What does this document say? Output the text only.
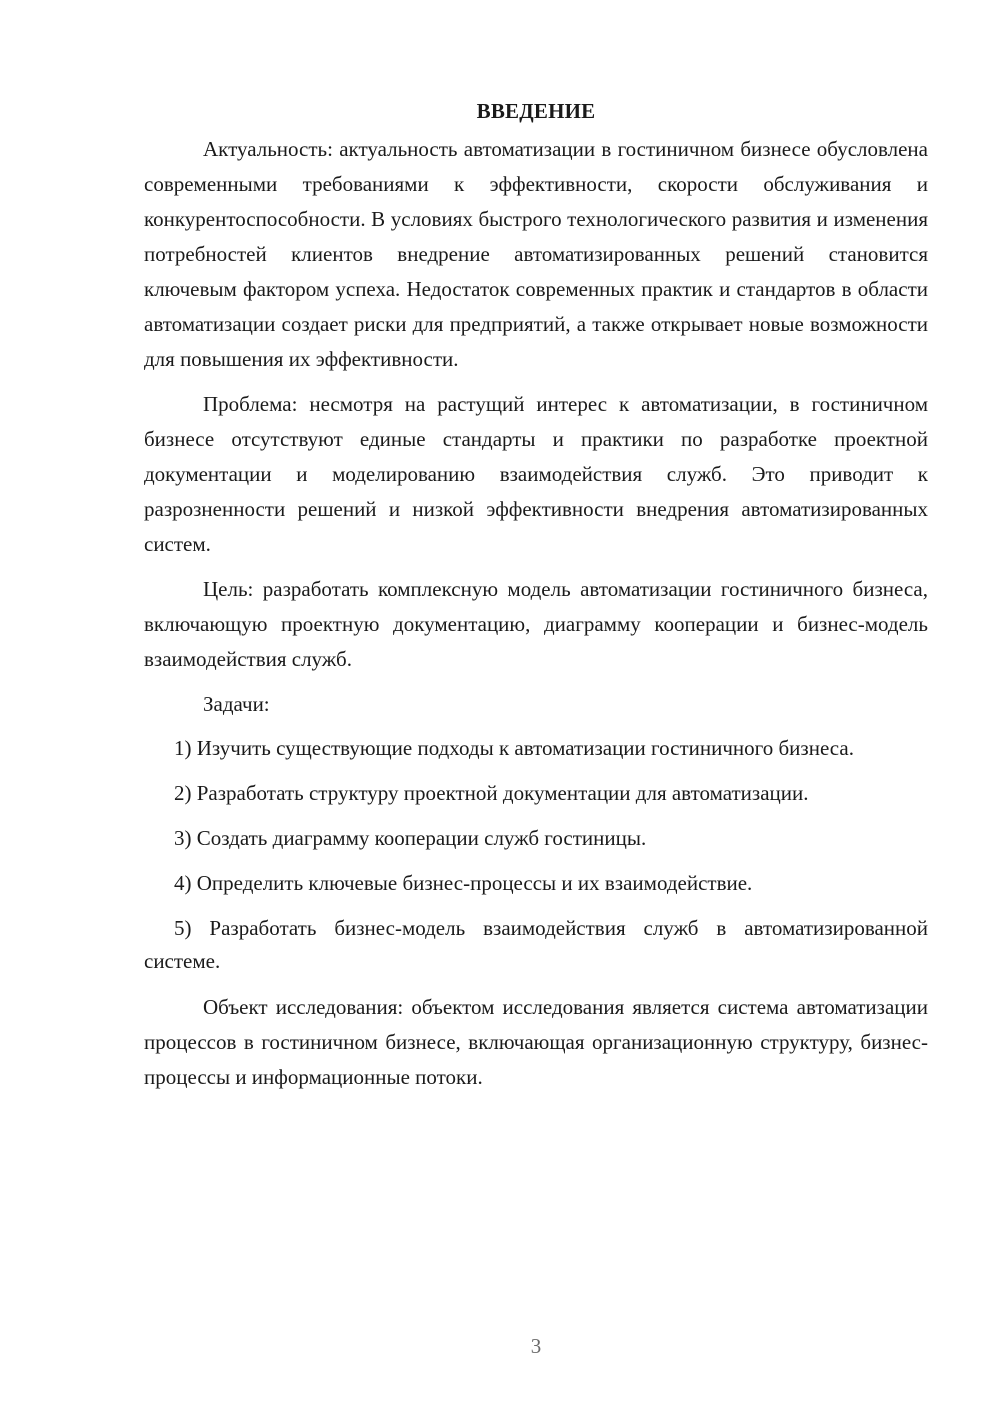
ВВЕДЕНИЕ

Актуальность: актуальность автоматизации в гостиничном бизнесе обусловлена современными требованиями к эффективности, скорости обслуживания и конкурентоспособности. В условиях быстрого технологического развития и изменения потребностей клиентов внедрение автоматизированных решений становится ключевым фактором успеха. Недостаток современных практик и стандартов в области автоматизации создает риски для предприятий, а также открывает новые возможности для повышения их эффективности.

Проблема: несмотря на растущий интерес к автоматизации, в гостиничном бизнесе отсутствуют единые стандарты и практики по разработке проектной документации и моделированию взаимодействия служб. Это приводит к разрозненности решений и низкой эффективности внедрения автоматизированных систем.

Цель: разработать комплексную модель автоматизации гостиничного бизнеса, включающую проектную документацию, диаграмму кооперации и бизнес-модель взаимодействия служб.

Задачи:

1) Изучить существующие подходы к автоматизации гостиничного бизнеса.

2) Разработать структуру проектной документации для автоматизации.

3) Создать диаграмму кооперации служб гостиницы.

4) Определить ключевые бизнес-процессы и их взаимодействие.

5) Разработать бизнес-модель взаимодействия служб в автоматизированной системе.

Объект исследования: объектом исследования является система автоматизации процессов в гостиничном бизнесе, включающая организационную структуру, бизнес-процессы и информационные потоки.

3
